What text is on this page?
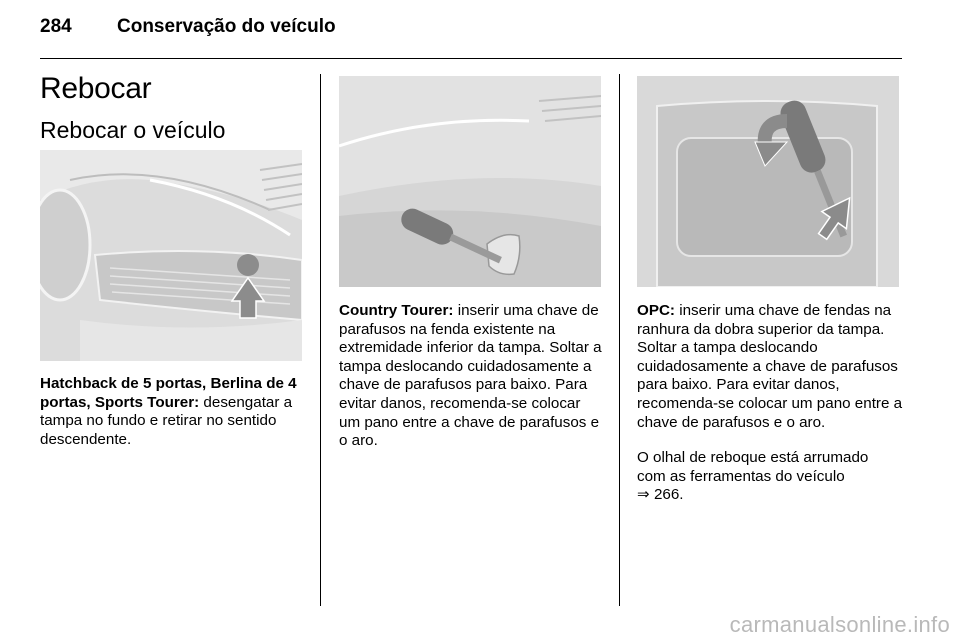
284 Conservação do veículo
Rebocar
Rebocar o veículo

Hatchback de 5 portas, Berlina de 4 portas, Sports Tourer: desengatar a tampa no fundo e retirar no sentido descendente.

Country Tourer: inserir uma chave de parafusos na fenda existente na extremidade inferior da tampa. Soltar a tampa deslocando cuidadosamente a chave de parafusos para baixo. Para evitar danos, recomenda-se colocar um pano entre a chave de parafusos e o aro.

OPC: inserir uma chave de fendas na ranhura da dobra superior da tampa. Soltar a tampa deslocando cuidadosamente a chave de parafusos para baixo. Para evitar danos, recomenda-se colocar um pano entre a chave de parafusos e o aro.

O olhal de reboque está arrumado com as ferramentas do veículo
⇒ 266.

carmanualsonline.info
